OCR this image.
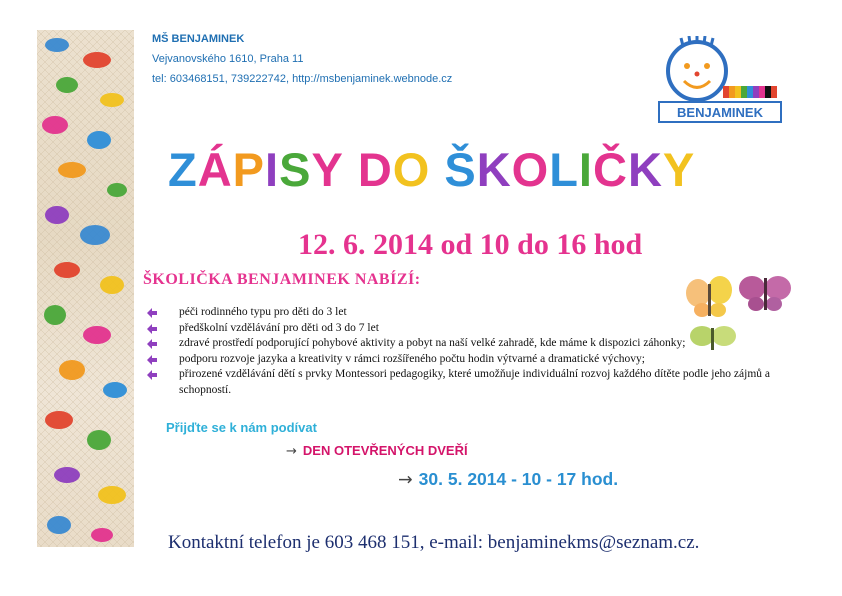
MŠ BENJAMINEK
Vejvanovského 1610, Praha 11
tel: 603468151, 739222742, http://msbenjaminek.webnode.cz
BENJAMINEK
ZÁPISY DO ŠKOLIČKY
12. 6. 2014 od 10 do 16 hod
ŠKOLIČKA BENJAMINEK NABÍZÍ:
péči rodinného typu pro děti do 3 let
předškolní vzdělávání pro děti od 3 do 7 let
zdravé prostředí podporující pohybové aktivity a pobyt na naší velké zahradě, kde máme k dispozici záhonky;
podporu rozvoje jazyka a kreativity v rámci rozšířeného počtu hodin výtvarné a dramatické výchovy;
přirozené vzdělávání dětí s prvky Montessori pedagogiky, které umožňuje individuální rozvoj každého dítěte podle jeho zájmů a schopností.
Přijďte se k nám podívat
→ DEN OTEVŘENÝCH DVEŘÍ
→ 30. 5. 2014 - 10 - 17 hod.
Kontaktní telefon je 603 468 151, e-mail: benjaminekms@seznam.cz.
